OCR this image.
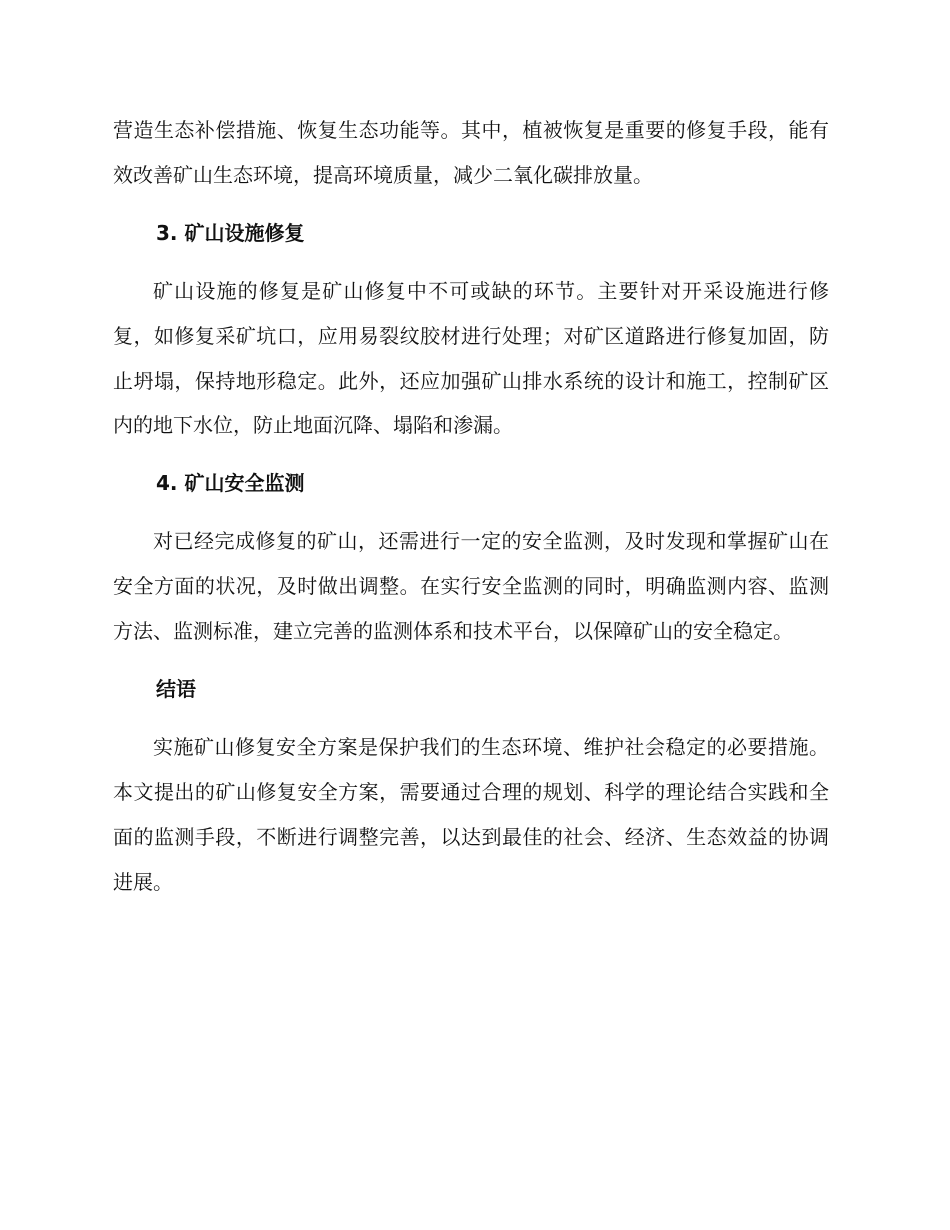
营造生态补偿措施、恢复生态功能等。其中，植被恢复是重要的修复手段，能有效改善矿山生态环境，提高环境质量，减少二氧化碳排放量。

3. 矿山设施修复

矿山设施的修复是矿山修复中不可或缺的环节。主要针对开采设施进行修复，如修复采矿坑口，应用易裂纹胶材进行处理；对矿区道路进行修复加固，防止坍塌，保持地形稳定。此外，还应加强矿山排水系统的设计和施工，控制矿区内的地下水位，防止地面沉降、塌陷和渗漏。

4. 矿山安全监测

对已经完成修复的矿山，还需进行一定的安全监测，及时发现和掌握矿山在安全方面的状况，及时做出调整。在实行安全监测的同时，明确监测内容、监测方法、监测标准，建立完善的监测体系和技术平台，以保障矿山的安全稳定。

结语

实施矿山修复安全方案是保护我们的生态环境、维护社会稳定的必要措施。本文提出的矿山修复安全方案，需要通过合理的规划、科学的理论结合实践和全面的监测手段，不断进行调整完善，以达到最佳的社会、经济、生态效益的协调进展。
